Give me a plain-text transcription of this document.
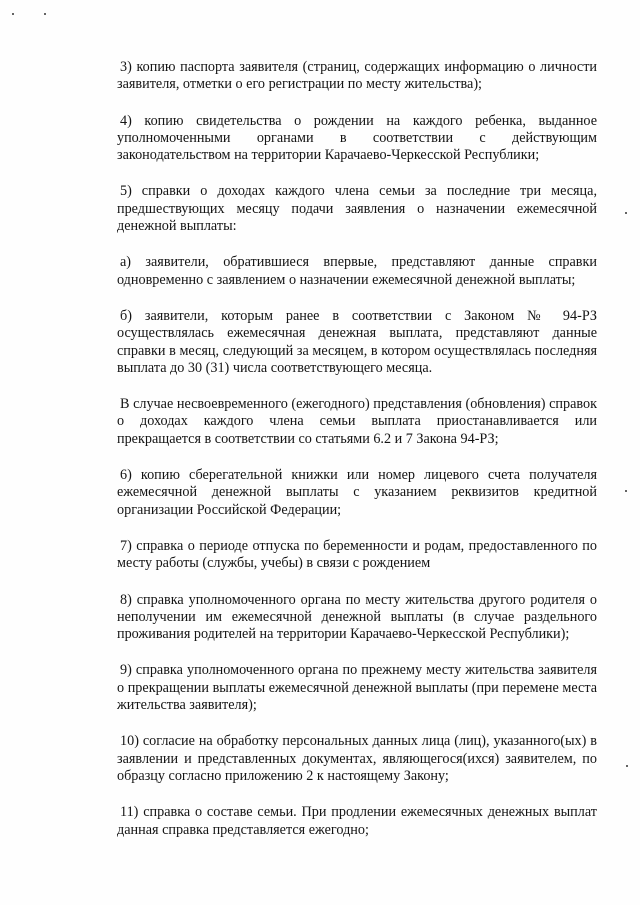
3) копию паспорта заявителя (страниц, содержащих информацию о личности заявителя, отметки о его регистрации по месту жительства);

4) копию свидетельства о рождении на каждого ребенка, выданное уполномоченными органами в соответствии с действующим законодательством на территории Карачаево-Черкесской Республики;

5) справки о доходах каждого члена семьи за последние три месяца, предшествующих месяцу подачи заявления о назначении ежемесячной денежной выплаты:

а) заявители, обратившиеся впервые, представляют данные справки одновременно с заявлением о назначении ежемесячной денежной выплаты;

б) заявители, которым ранее в соответствии с Законом № 94-РЗ осуществлялась ежемесячная денежная выплата, представляют данные справки в месяц, следующий за месяцем, в котором осуществлялась последняя выплата до 30 (31) числа соответствующего месяца.

В случае несвоевременного (ежегодного) представления (обновления) справок о доходах каждого члена семьи выплата приостанавливается или прекращается в соответствии со статьями 6.2 и 7 Закона 94-РЗ;

6) копию сберегательной книжки или номер лицевого счета получателя ежемесячной денежной выплаты с указанием реквизитов кредитной организации Российской Федерации;

7) справка о периоде отпуска по беременности и родам, предоставленного по месту работы (службы, учебы) в связи с рождением

8) справка уполномоченного органа по месту жительства другого родителя о неполучении им ежемесячной денежной выплаты (в случае раздельного проживания родителей на территории Карачаево-Черкесской Республики);

9) справка уполномоченного органа по прежнему месту жительства заявителя о прекращении выплаты ежемесячной денежной выплаты (при перемене места жительства заявителя);

10) согласие на обработку персональных данных лица (лиц), указанного(ых) в заявлении и представленных документах, являющегося(ихся) заявителем, по образцу согласно приложению 2 к настоящему Закону;

11) справка о составе семьи. При продлении ежемесячных денежных выплат данная справка представляется ежегодно;
